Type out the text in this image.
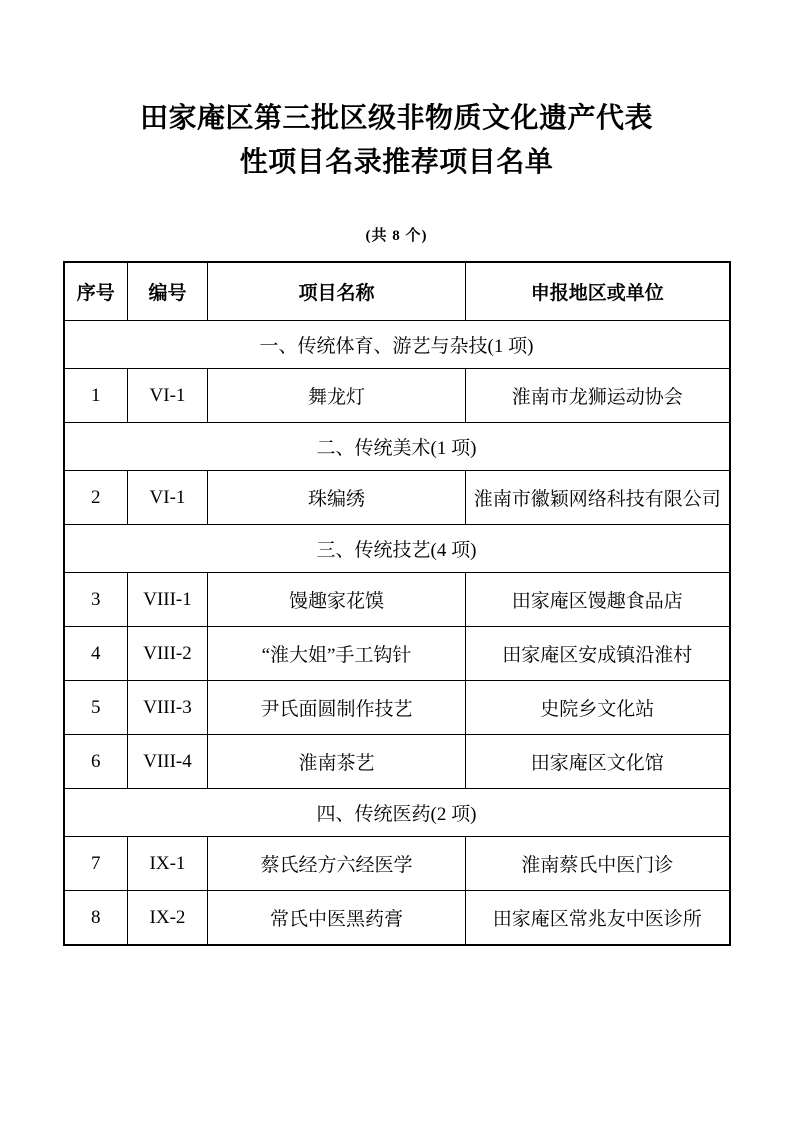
田家庵区第三批区级非物质文化遗产代表
性项目名录推荐项目名单
(共 8 个)
序号	编号	项目名称	申报地区或单位
一、传统体育、游艺与杂技(1 项)			
1	VI-1	舞龙灯	淮南市龙狮运动协会
二、传统美术(1 项)			
2	VI-1	珠编绣	淮南市徽颖网络科技有限公司
三、传统技艺(4 项)			
3	VIII-1	馒趣家花馍	田家庵区馒趣食品店
4	VIII-2	“淮大姐”手工钩针	田家庵区安成镇沿淮村
5	VIII-3	尹氏面圆制作技艺	史院乡文化站
6	VIII-4	淮南茶艺	田家庵区文化馆
四、传统医药(2 项)			
7	IX-1	蔡氏经方六经医学	淮南蔡氏中医门诊
8	IX-2	常氏中医黑药膏	田家庵区常兆友中医诊所
